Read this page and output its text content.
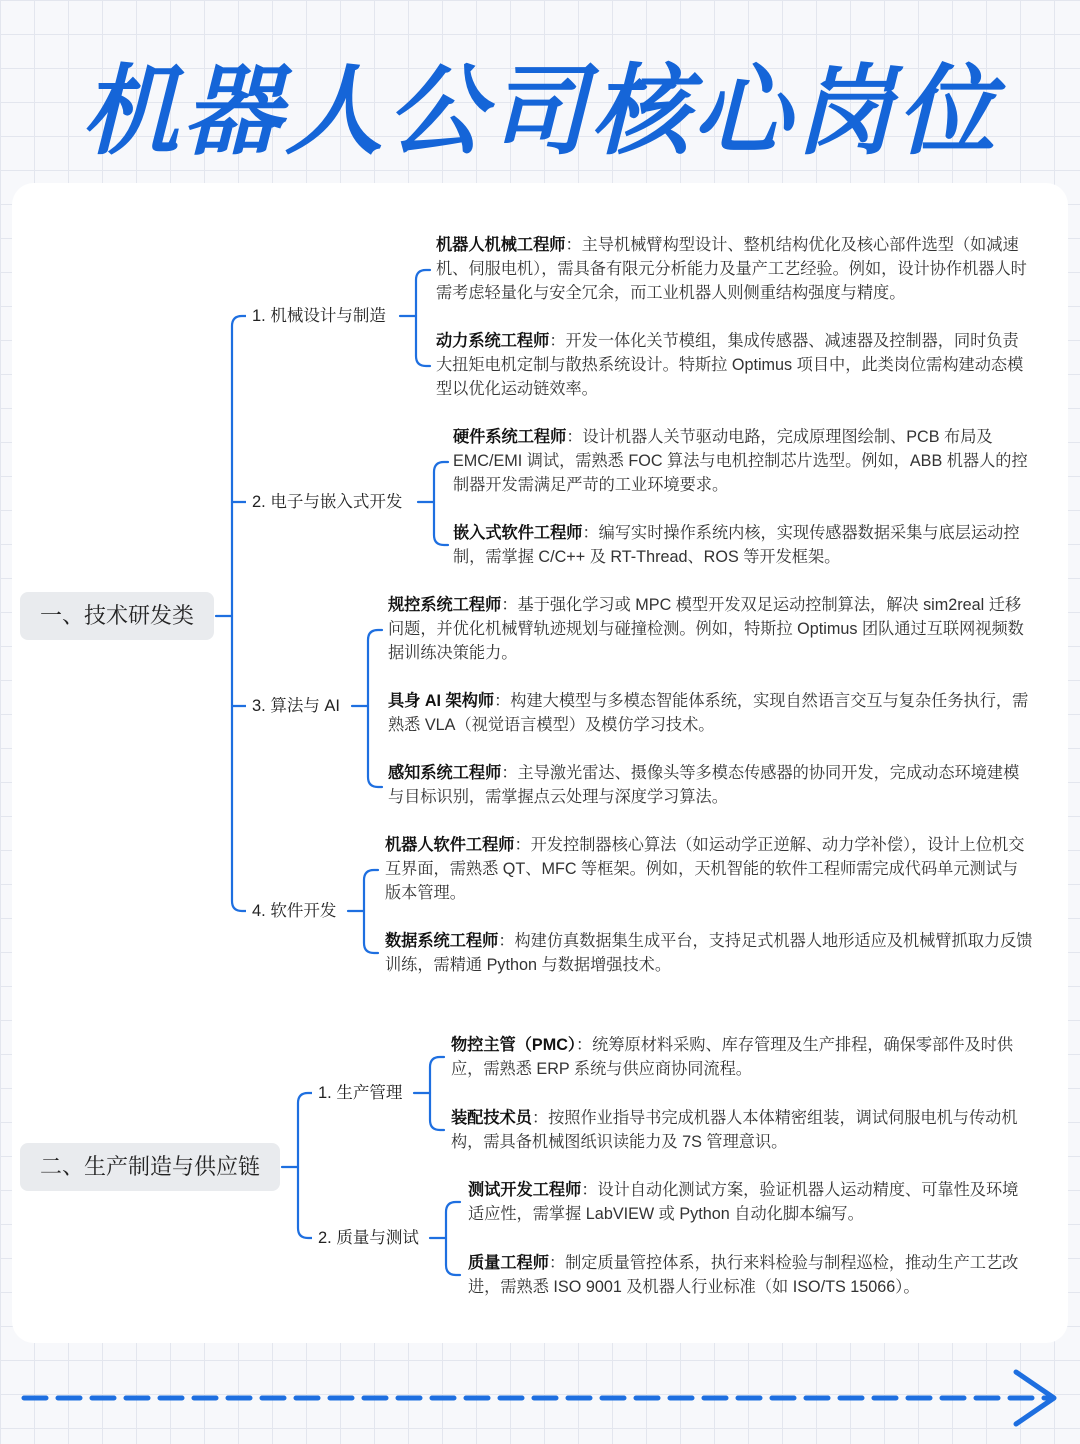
机器人公司核心岗位
一、技术研发类
1. 机械设计与制造
机器人机械工程师：主导机械臂构型设计、整机结构优化及核心部件选型（如减速机、伺服电机），需具备有限元分析能力及量产工艺经验。例如，设计协作机器人时需考虑轻量化与安全冗余，而工业机器人则侧重结构强度与精度。
动力系统工程师：开发一体化关节模组，集成传感器、减速器及控制器，同时负责大扭矩电机定制与散热系统设计。特斯拉 Optimus 项目中，此类岗位需构建动态模型以优化运动链效率。
2. 电子与嵌入式开发
硬件系统工程师：设计机器人关节驱动电路，完成原理图绘制、PCB 布局及 EMC/EMI 调试，需熟悉 FOC 算法与电机控制芯片选型。例如，ABB 机器人的控制器开发需满足严苛的工业环境要求。
嵌入式软件工程师：编写实时操作系统内核，实现传感器数据采集与底层运动控制，需掌握 C/C++ 及 RT-Thread、ROS 等开发框架。
3. 算法与 AI
规控系统工程师：基于强化学习或 MPC 模型开发双足运动控制算法，解决 sim2real 迁移问题，并优化机械臂轨迹规划与碰撞检测。例如，特斯拉 Optimus 团队通过互联网视频数据训练决策能力。
具身 AI 架构师：构建大模型与多模态智能体系统，实现自然语言交互与复杂任务执行，需熟悉 VLA（视觉语言模型）及模仿学习技术。
感知系统工程师：主导激光雷达、摄像头等多模态传感器的协同开发，完成动态环境建模与目标识别，需掌握点云处理与深度学习算法。
4. 软件开发
机器人软件工程师：开发控制器核心算法（如运动学正逆解、动力学补偿），设计上位机交互界面，需熟悉 QT、MFC 等框架。例如，天机智能的软件工程师需完成代码单元测试与版本管理。
数据系统工程师：构建仿真数据集生成平台，支持足式机器人地形适应及机械臂抓取力反馈训练，需精通 Python 与数据增强技术。
二、生产制造与供应链
1. 生产管理
物控主管（PMC）：统筹原材料采购、库存管理及生产排程，确保零部件及时供应，需熟悉 ERP 系统与供应商协同流程。
装配技术员：按照作业指导书完成机器人本体精密组装，调试伺服电机与传动机构，需具备机械图纸识读能力及 7S 管理意识。
2. 质量与测试
测试开发工程师：设计自动化测试方案，验证机器人运动精度、可靠性及环境适应性，需掌握 LabVIEW 或 Python 自动化脚本编写。
质量工程师：制定质量管控体系，执行来料检验与制程巡检，推动生产工艺改进，需熟悉 ISO 9001 及机器人行业标准（如 ISO/TS 15066）。
